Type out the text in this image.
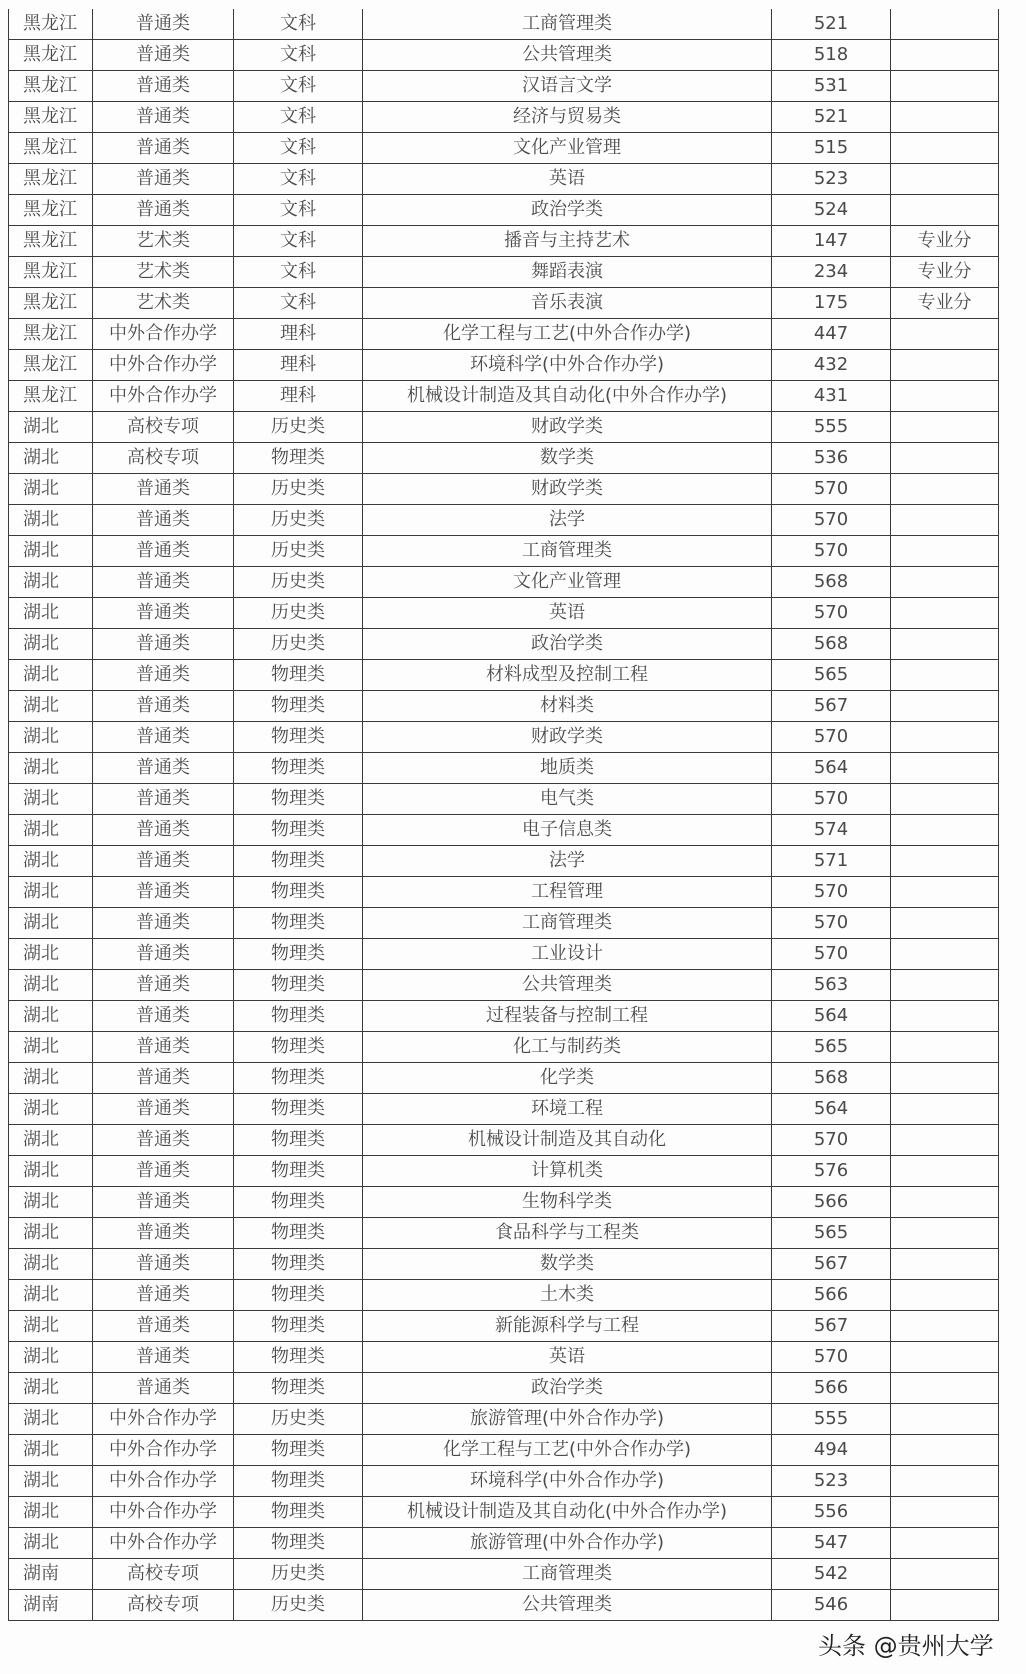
黑龙江	普通类	文科	工商管理类	521	
黑龙江	普通类	文科	公共管理类	518	
黑龙江	普通类	文科	汉语言文学	531	
黑龙江	普通类	文科	经济与贸易类	521	
黑龙江	普通类	文科	文化产业管理	515	
黑龙江	普通类	文科	英语	523	
黑龙江	普通类	文科	政治学类	524	
黑龙江	艺术类	文科	播音与主持艺术	147	专业分
黑龙江	艺术类	文科	舞蹈表演	234	专业分
黑龙江	艺术类	文科	音乐表演	175	专业分
黑龙江	中外合作办学	理科	化学工程与工艺(中外合作办学)	447	
黑龙江	中外合作办学	理科	环境科学(中外合作办学)	432	
黑龙江	中外合作办学	理科	机械设计制造及其自动化(中外合作办学)	431	
湖北	高校专项	历史类	财政学类	555	
湖北	高校专项	物理类	数学类	536	
湖北	普通类	历史类	财政学类	570	
湖北	普通类	历史类	法学	570	
湖北	普通类	历史类	工商管理类	570	
湖北	普通类	历史类	文化产业管理	568	
湖北	普通类	历史类	英语	570	
湖北	普通类	历史类	政治学类	568	
湖北	普通类	物理类	材料成型及控制工程	565	
湖北	普通类	物理类	材料类	567	
湖北	普通类	物理类	财政学类	570	
湖北	普通类	物理类	地质类	564	
湖北	普通类	物理类	电气类	570	
湖北	普通类	物理类	电子信息类	574	
湖北	普通类	物理类	法学	571	
湖北	普通类	物理类	工程管理	570	
湖北	普通类	物理类	工商管理类	570	
湖北	普通类	物理类	工业设计	570	
湖北	普通类	物理类	公共管理类	563	
湖北	普通类	物理类	过程装备与控制工程	564	
湖北	普通类	物理类	化工与制药类	565	
湖北	普通类	物理类	化学类	568	
湖北	普通类	物理类	环境工程	564	
湖北	普通类	物理类	机械设计制造及其自动化	570	
湖北	普通类	物理类	计算机类	576	
湖北	普通类	物理类	生物科学类	566	
湖北	普通类	物理类	食品科学与工程类	565	
湖北	普通类	物理类	数学类	567	
湖北	普通类	物理类	土木类	566	
湖北	普通类	物理类	新能源科学与工程	567	
湖北	普通类	物理类	英语	570	
湖北	普通类	物理类	政治学类	566	
湖北	中外合作办学	历史类	旅游管理(中外合作办学)	555	
湖北	中外合作办学	物理类	化学工程与工艺(中外合作办学)	494	
湖北	中外合作办学	物理类	环境科学(中外合作办学)	523	
湖北	中外合作办学	物理类	机械设计制造及其自动化(中外合作办学)	556	
湖北	中外合作办学	物理类	旅游管理(中外合作办学)	547	
湖南	高校专项	历史类	工商管理类	542	
湖南	高校专项	历史类	公共管理类	546	
头条 @贵州大学
